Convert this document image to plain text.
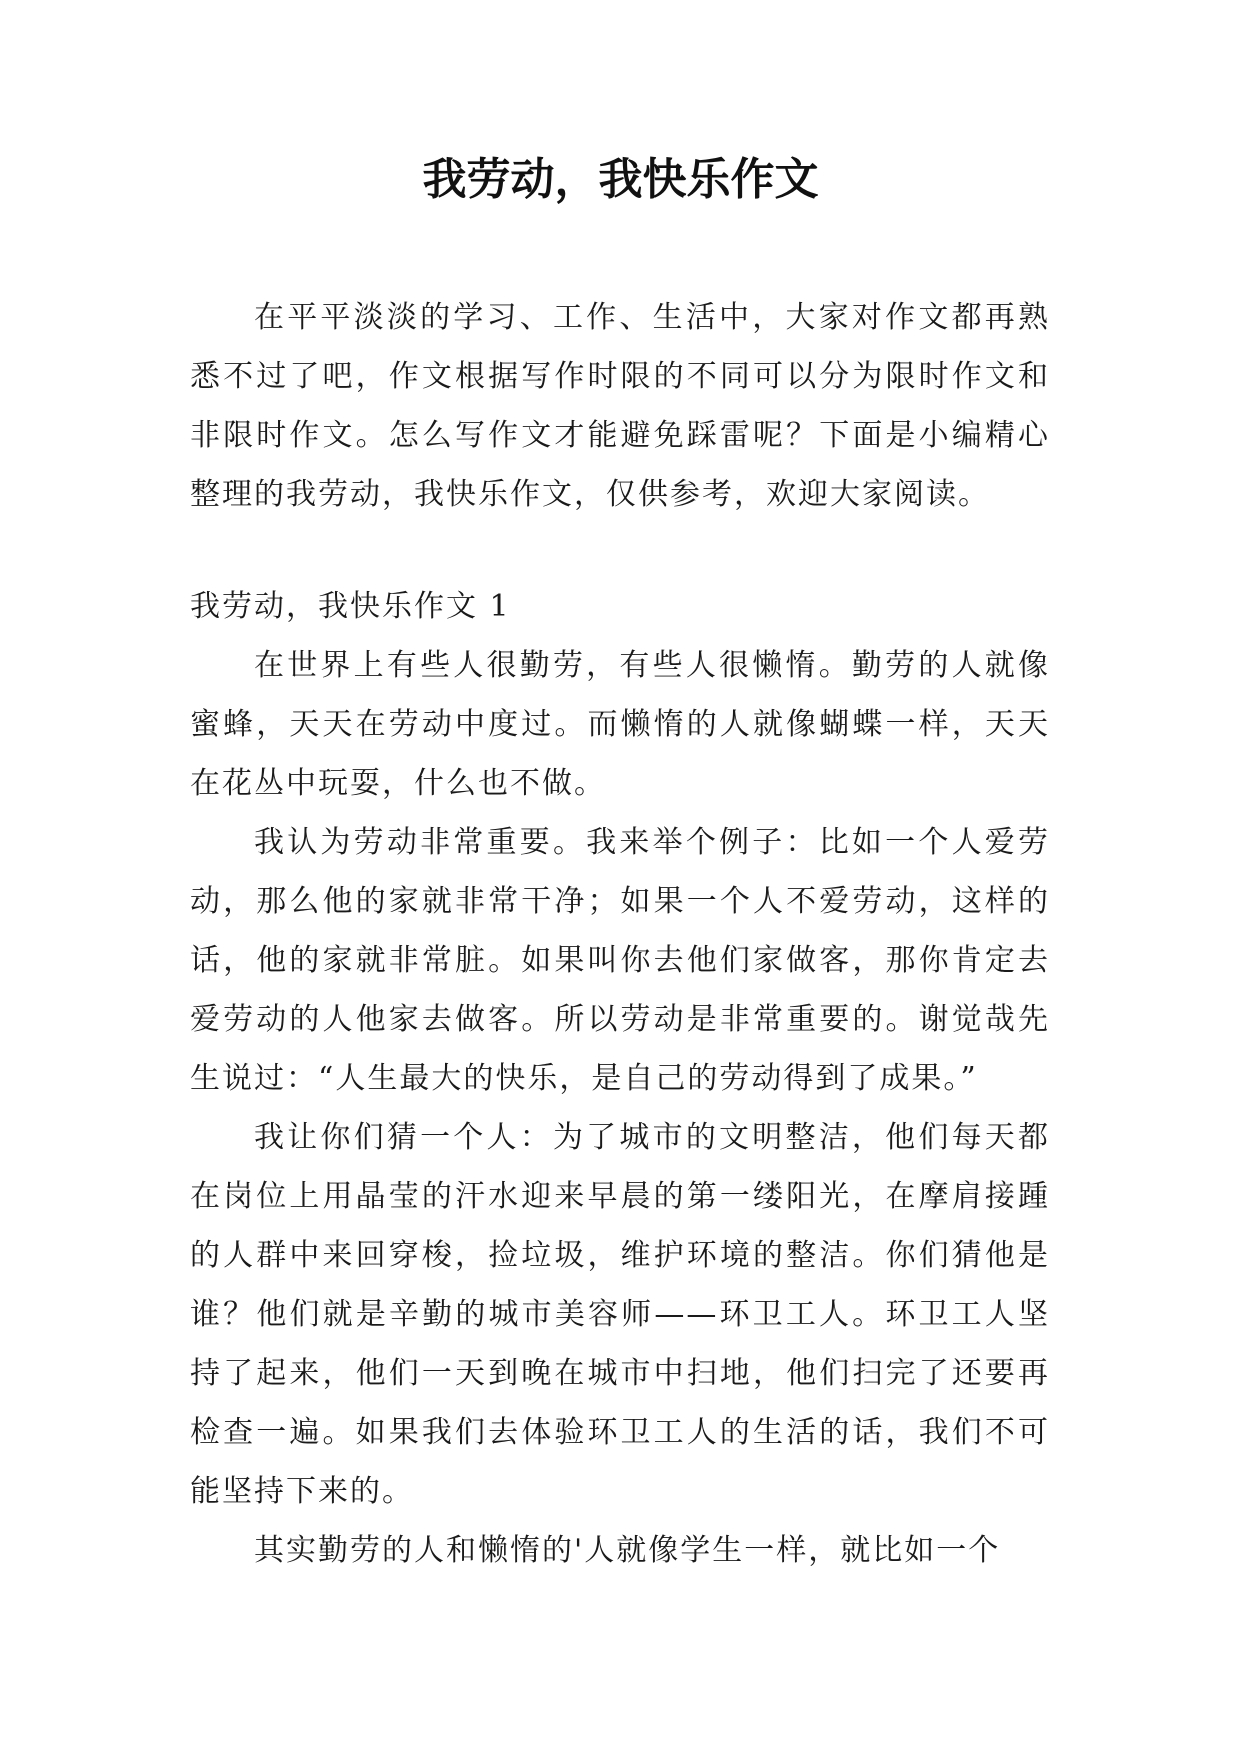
我劳动，我快乐作文

在平平淡淡的学习、工作、生活中，大家对作文都再熟悉不过了吧，作文根据写作时限的不同可以分为限时作文和非限时作文。怎么写作文才能避免踩雷呢？下面是小编精心整理的我劳动，我快乐作文，仅供参考，欢迎大家阅读。

我劳动，我快乐作文 1

在世界上有些人很勤劳，有些人很懒惰。勤劳的人就像蜜蜂，天天在劳动中度过。而懒惰的人就像蝴蝶一样，天天在花丛中玩耍，什么也不做。

我认为劳动非常重要。我来举个例子：比如一个人爱劳动，那么他的家就非常干净；如果一个人不爱劳动，这样的话，他的家就非常脏。如果叫你去他们家做客，那你肯定去爱劳动的人他家去做客。所以劳动是非常重要的。谢觉哉先生说过：“人生最大的快乐，是自己的劳动得到了成果。”

我让你们猜一个人：为了城市的文明整洁，他们每天都在岗位上用晶莹的汗水迎来早晨的第一缕阳光，在摩肩接踵的人群中来回穿梭，捡垃圾，维护环境的整洁。你们猜他是谁？他们就是辛勤的城市美容师——环卫工人。环卫工人坚持了起来，他们一天到晚在城市中扫地，他们扫完了还要再检查一遍。如果我们去体验环卫工人的生活的话，我们不可能坚持下来的。

其实勤劳的人和懒惰的'人就像学生一样，就比如一个
